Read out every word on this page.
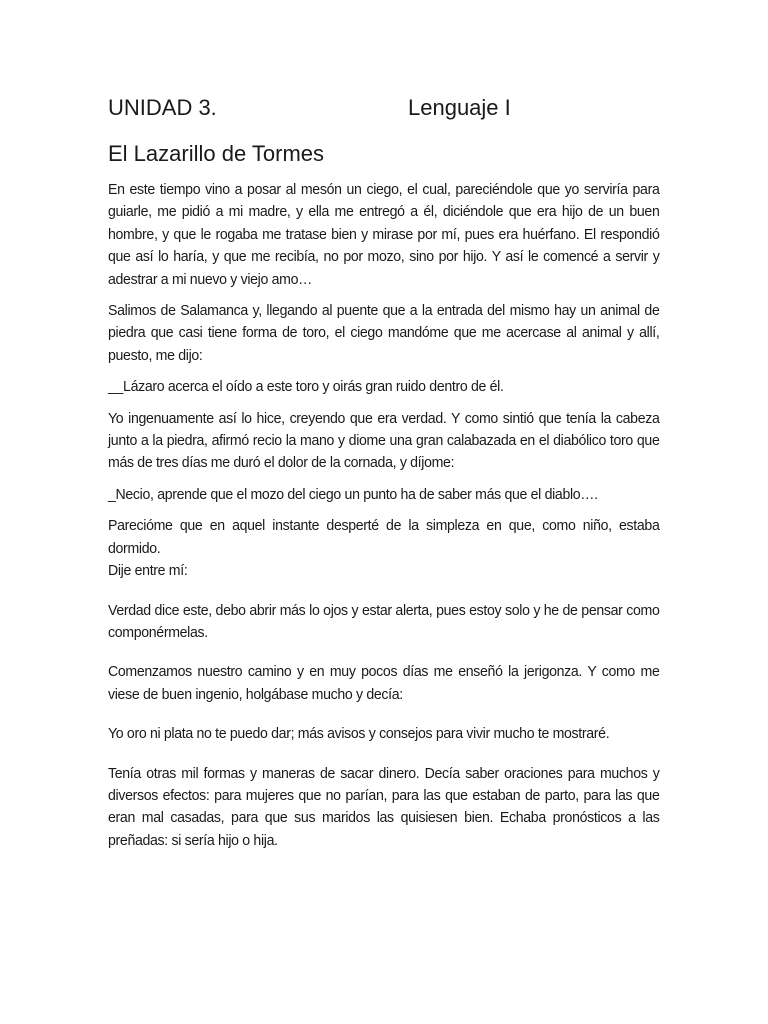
UNIDAD 3.	Lenguaje I
El Lazarillo de Tormes

En este tiempo vino a posar al mesón un ciego, el cual, pareciéndole que yo serviría para guiarle, me pidió a mi madre, y ella me entregó a él, diciéndole que era hijo de un buen hombre, y que le rogaba me tratase bien y mirase por mí, pues era huérfano. El respondió que así lo haría, y que me recibía, no por mozo, sino por hijo. Y así le comencé a servir y adestrar a mi nuevo y viejo amo…

Salimos de Salamanca y, llegando al puente que a la entrada del mismo hay un animal de piedra que casi tiene forma de toro, el ciego mandóme que me acercase al animal y allí, puesto, me dijo:

__Lázaro acerca el oído a este toro y oirás gran ruido dentro de él.

Yo ingenuamente así lo hice, creyendo que era verdad. Y como sintió que tenía la cabeza junto a la piedra, afirmó recio la mano y diome una gran calabazada en el diabólico toro que más de tres días me duró el dolor de la cornada, y díjome:

_Necio, aprende que el mozo del ciego un punto ha de saber más que el diablo….

Parecióme que en aquel instante desperté de la simpleza en que, como niño, estaba dormido.

Dije entre mí:

Verdad dice este, debo abrir más lo ojos y estar alerta, pues estoy solo y he de pensar como componérmelas.

Comenzamos nuestro camino y en muy pocos días me enseñó la jerigonza. Y como me viese de buen ingenio, holgábase mucho y decía:

Yo oro ni plata no te puedo dar; más avisos y consejos para vivir mucho te mostraré.

Tenía otras mil formas y maneras de sacar dinero. Decía saber oraciones para muchos y diversos efectos: para mujeres que no parían, para las que estaban de parto, para las que eran mal casadas, para que sus maridos las quisiesen bien. Echaba pronósticos a las preñadas: si sería hijo o hija.
